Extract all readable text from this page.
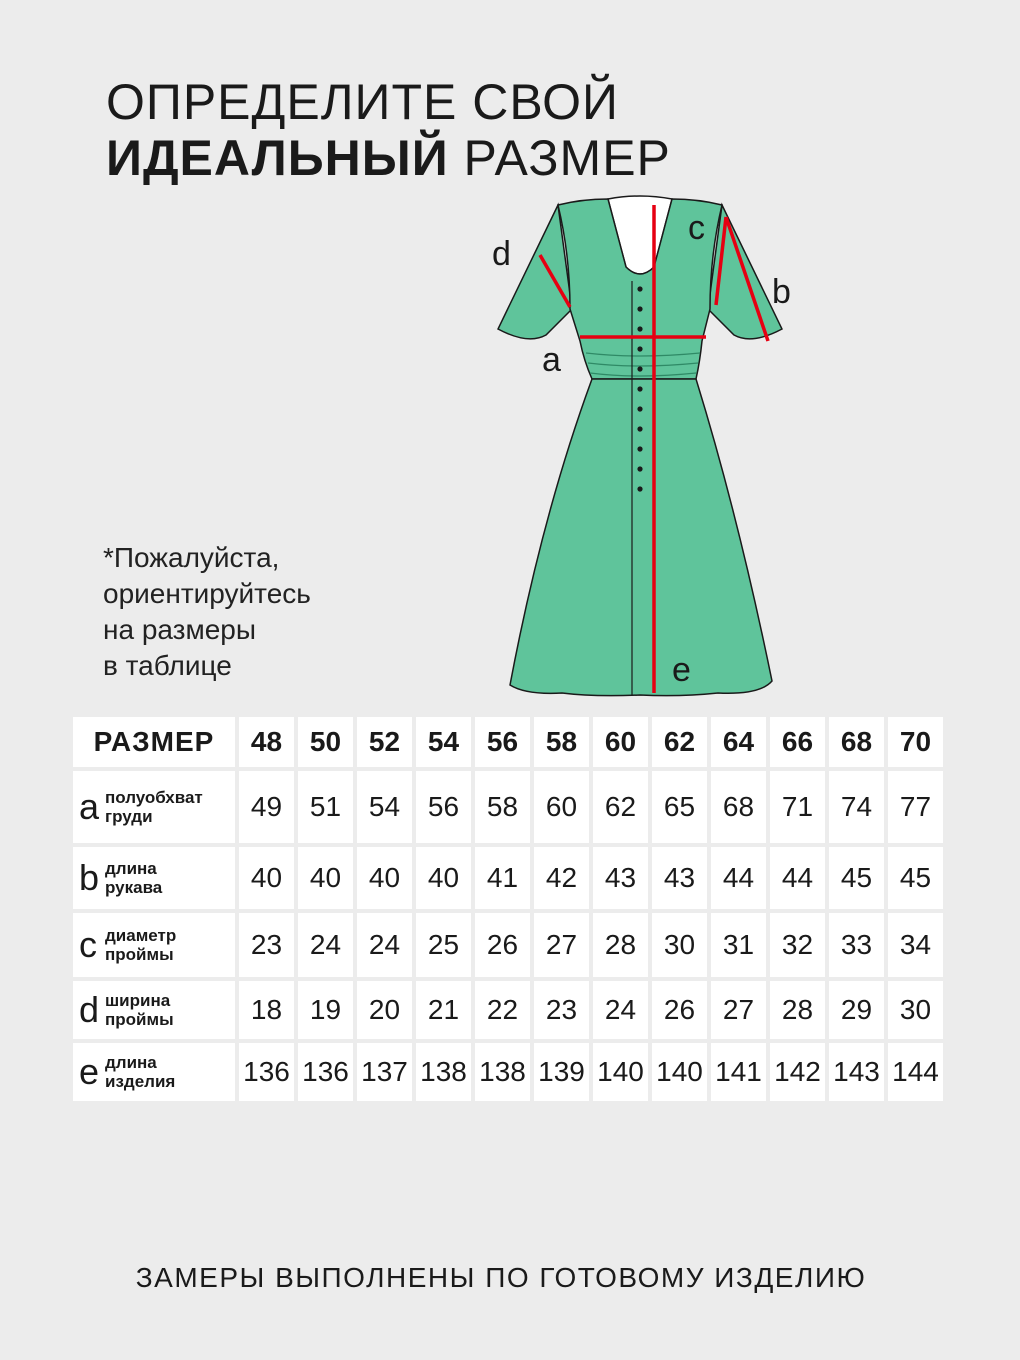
ОПРЕДЕЛИТЕ СВОЙ
ИДЕАЛЬНЫЙ РАЗМЕР
a
b
c
d
e
*Пожалуйста,
ориентируйтесь
на размеры
в таблице
РАЗМЕР	48	50	52	54	56	58	60	62	64	66	68	70
a полуобхват
груди	49	51	54	56	58	60	62	65	68	71	74	77
b длина
рукава	40	40	40	40	41	42	43	43	44	44	45	45
c диаметр
проймы	23	24	24	25	26	27	28	30	31	32	33	34
d ширина
проймы	18	19	20	21	22	23	24	26	27	28	29	30
e длина
изделия	136	136	137	138	138	139	140	140	141	142	143	144
ЗАМЕРЫ ВЫПОЛНЕНЫ ПО ГОТОВОМУ ИЗДЕЛИЮ
